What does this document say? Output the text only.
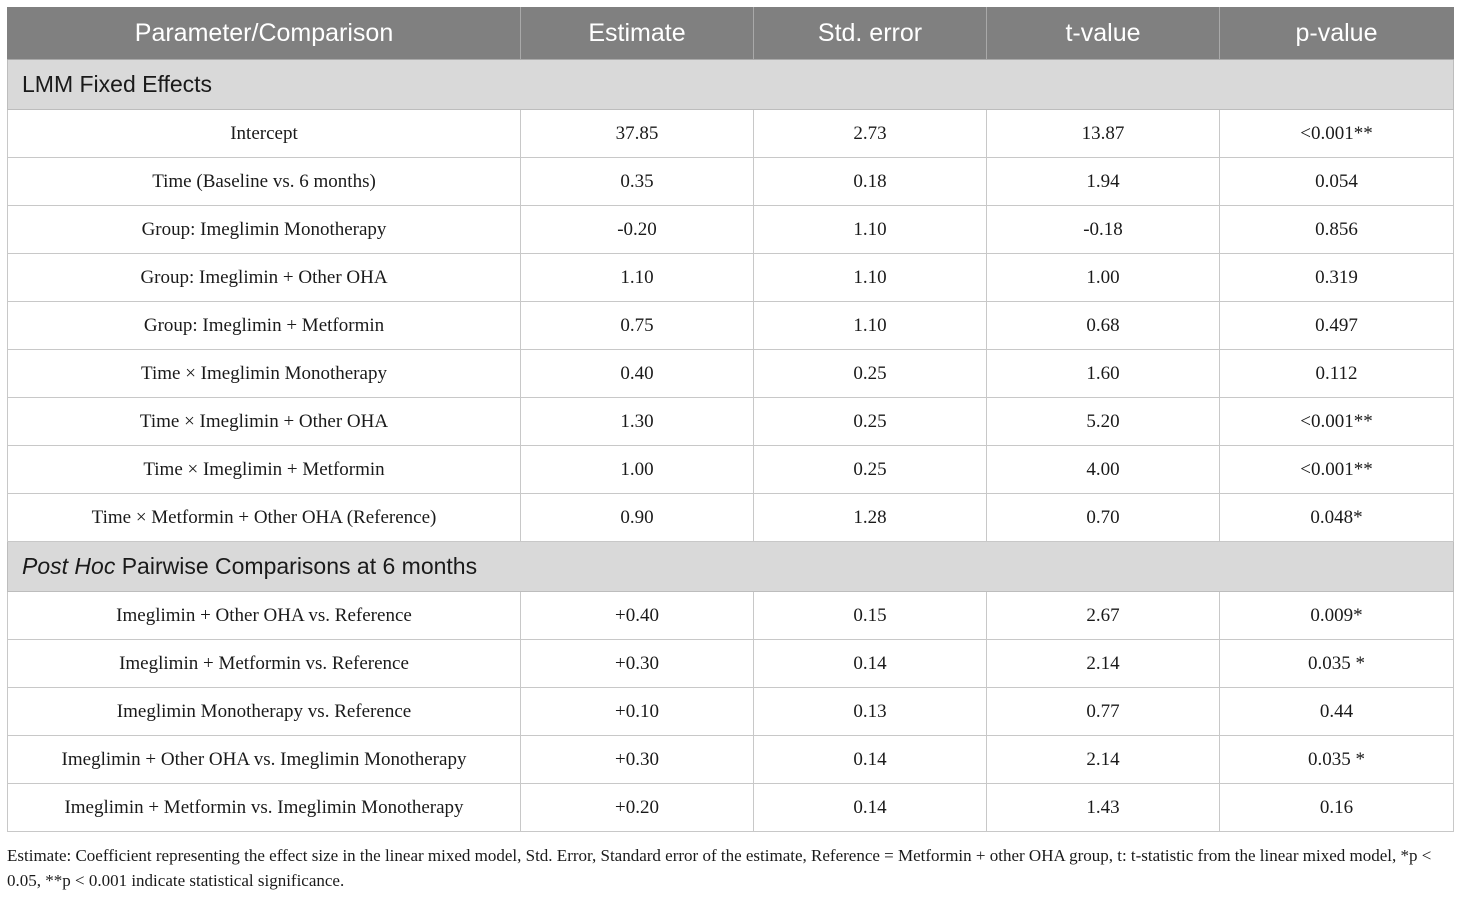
Parameter/Comparison	Estimate	Std. error	t-value	p-value
LMM Fixed Effects				
Intercept	37.85	2.73	13.87	<0.001**
Time (Baseline vs. 6 months)	0.35	0.18	1.94	0.054
Group: Imeglimin Monotherapy	-0.20	1.10	-0.18	0.856
Group: Imeglimin + Other OHA	1.10	1.10	1.00	0.319
Group: Imeglimin + Metformin	0.75	1.10	0.68	0.497
Time × Imeglimin Monotherapy	0.40	0.25	1.60	0.112
Time × Imeglimin + Other OHA	1.30	0.25	5.20	<0.001**
Time × Imeglimin + Metformin	1.00	0.25	4.00	<0.001**
Time × Metformin + Other OHA (Reference)	0.90	1.28	0.70	0.048*
Post Hoc Pairwise Comparisons at 6 months				
Imeglimin + Other OHA vs. Reference	+0.40	0.15	2.67	0.009*
Imeglimin + Metformin vs. Reference	+0.30	0.14	2.14	0.035 *
Imeglimin Monotherapy vs. Reference	+0.10	0.13	0.77	0.44
Imeglimin + Other OHA vs. Imeglimin Monotherapy	+0.30	0.14	2.14	0.035 *
Imeglimin + Metformin vs. Imeglimin Monotherapy	+0.20	0.14	1.43	0.16

Estimate: Coefficient representing the effect size in the linear mixed model, Std. Error, Standard error of the estimate, Reference = Metformin + other OHA group, t: t-statistic from the linear mixed model, *p < 0.05, **p < 0.001 indicate statistical significance.
